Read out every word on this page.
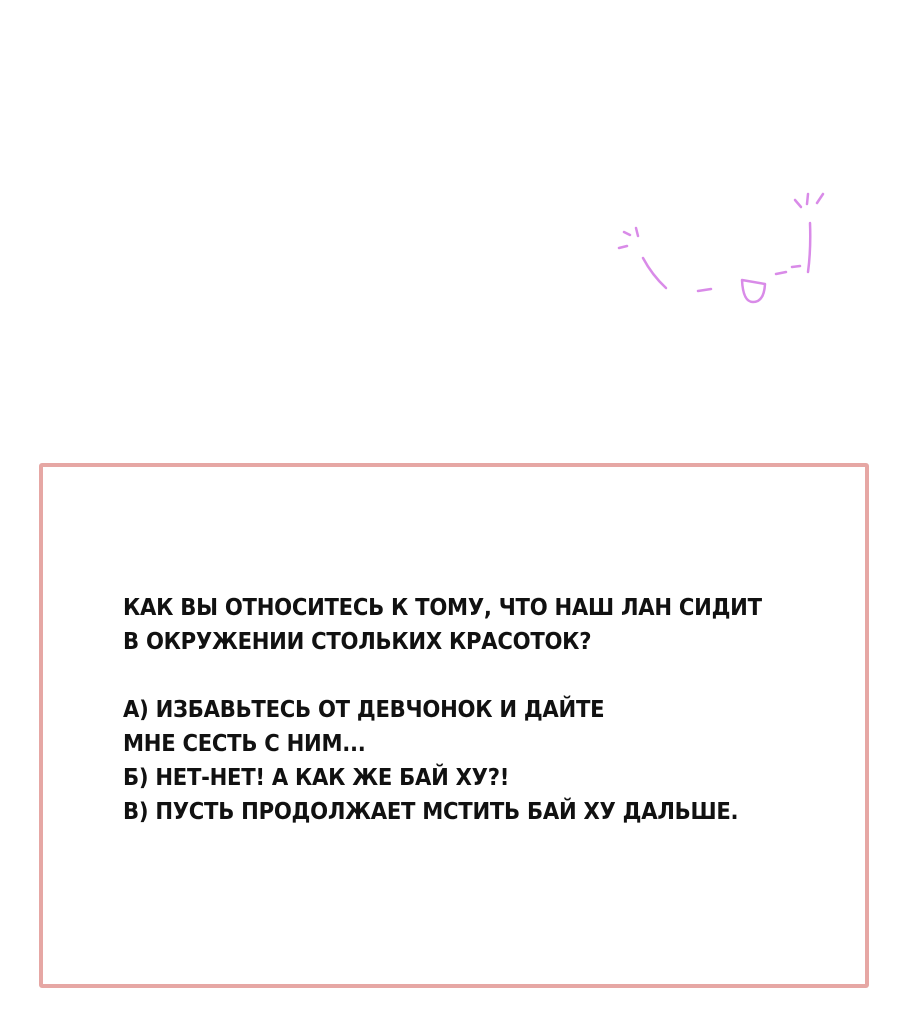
КАК ВЫ ОТНОСИТЕСЬ К ТОМУ, ЧТО НАШ ЛАН СИДИТ
В ОКРУЖЕНИИ СТОЛЬКИХ КРАСОТОК?
А) ИЗБАВЬТЕСЬ ОТ ДЕВЧОНОК И ДАЙТЕ
МНЕ СЕСТЬ С НИМ...
Б) НЕТ-НЕТ! А КАК ЖЕ БАЙ ХУ?!
В) ПУСТЬ ПРОДОЛЖАЕТ МСТИТЬ БАЙ ХУ ДАЛЬШЕ.
